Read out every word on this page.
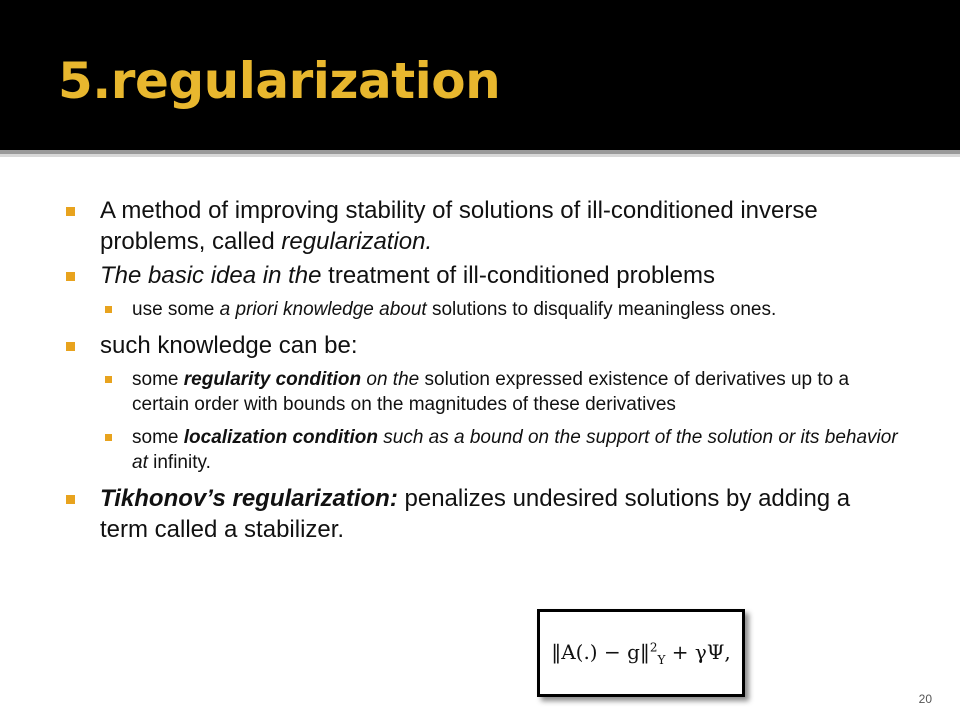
5.regularization
A method of improving stability of solutions of ill-conditioned inverse problems, called regularization.
The basic idea in the treatment of ill-conditioned problems
use some a priori knowledge about solutions to disqualify meaningless ones.
such knowledge can be:
some regularity condition on the solution expressed existence of derivatives up to a certain order with bounds on the magnitudes of these derivatives
some localization condition such as a bound on the support of the solution or its behavior at infinity.
Tikhonov’s regularization: penalizes undesired solutions by adding a term called a stabilizer.
‖A(.) − g‖$^2_Y$ + γΨ,
20
